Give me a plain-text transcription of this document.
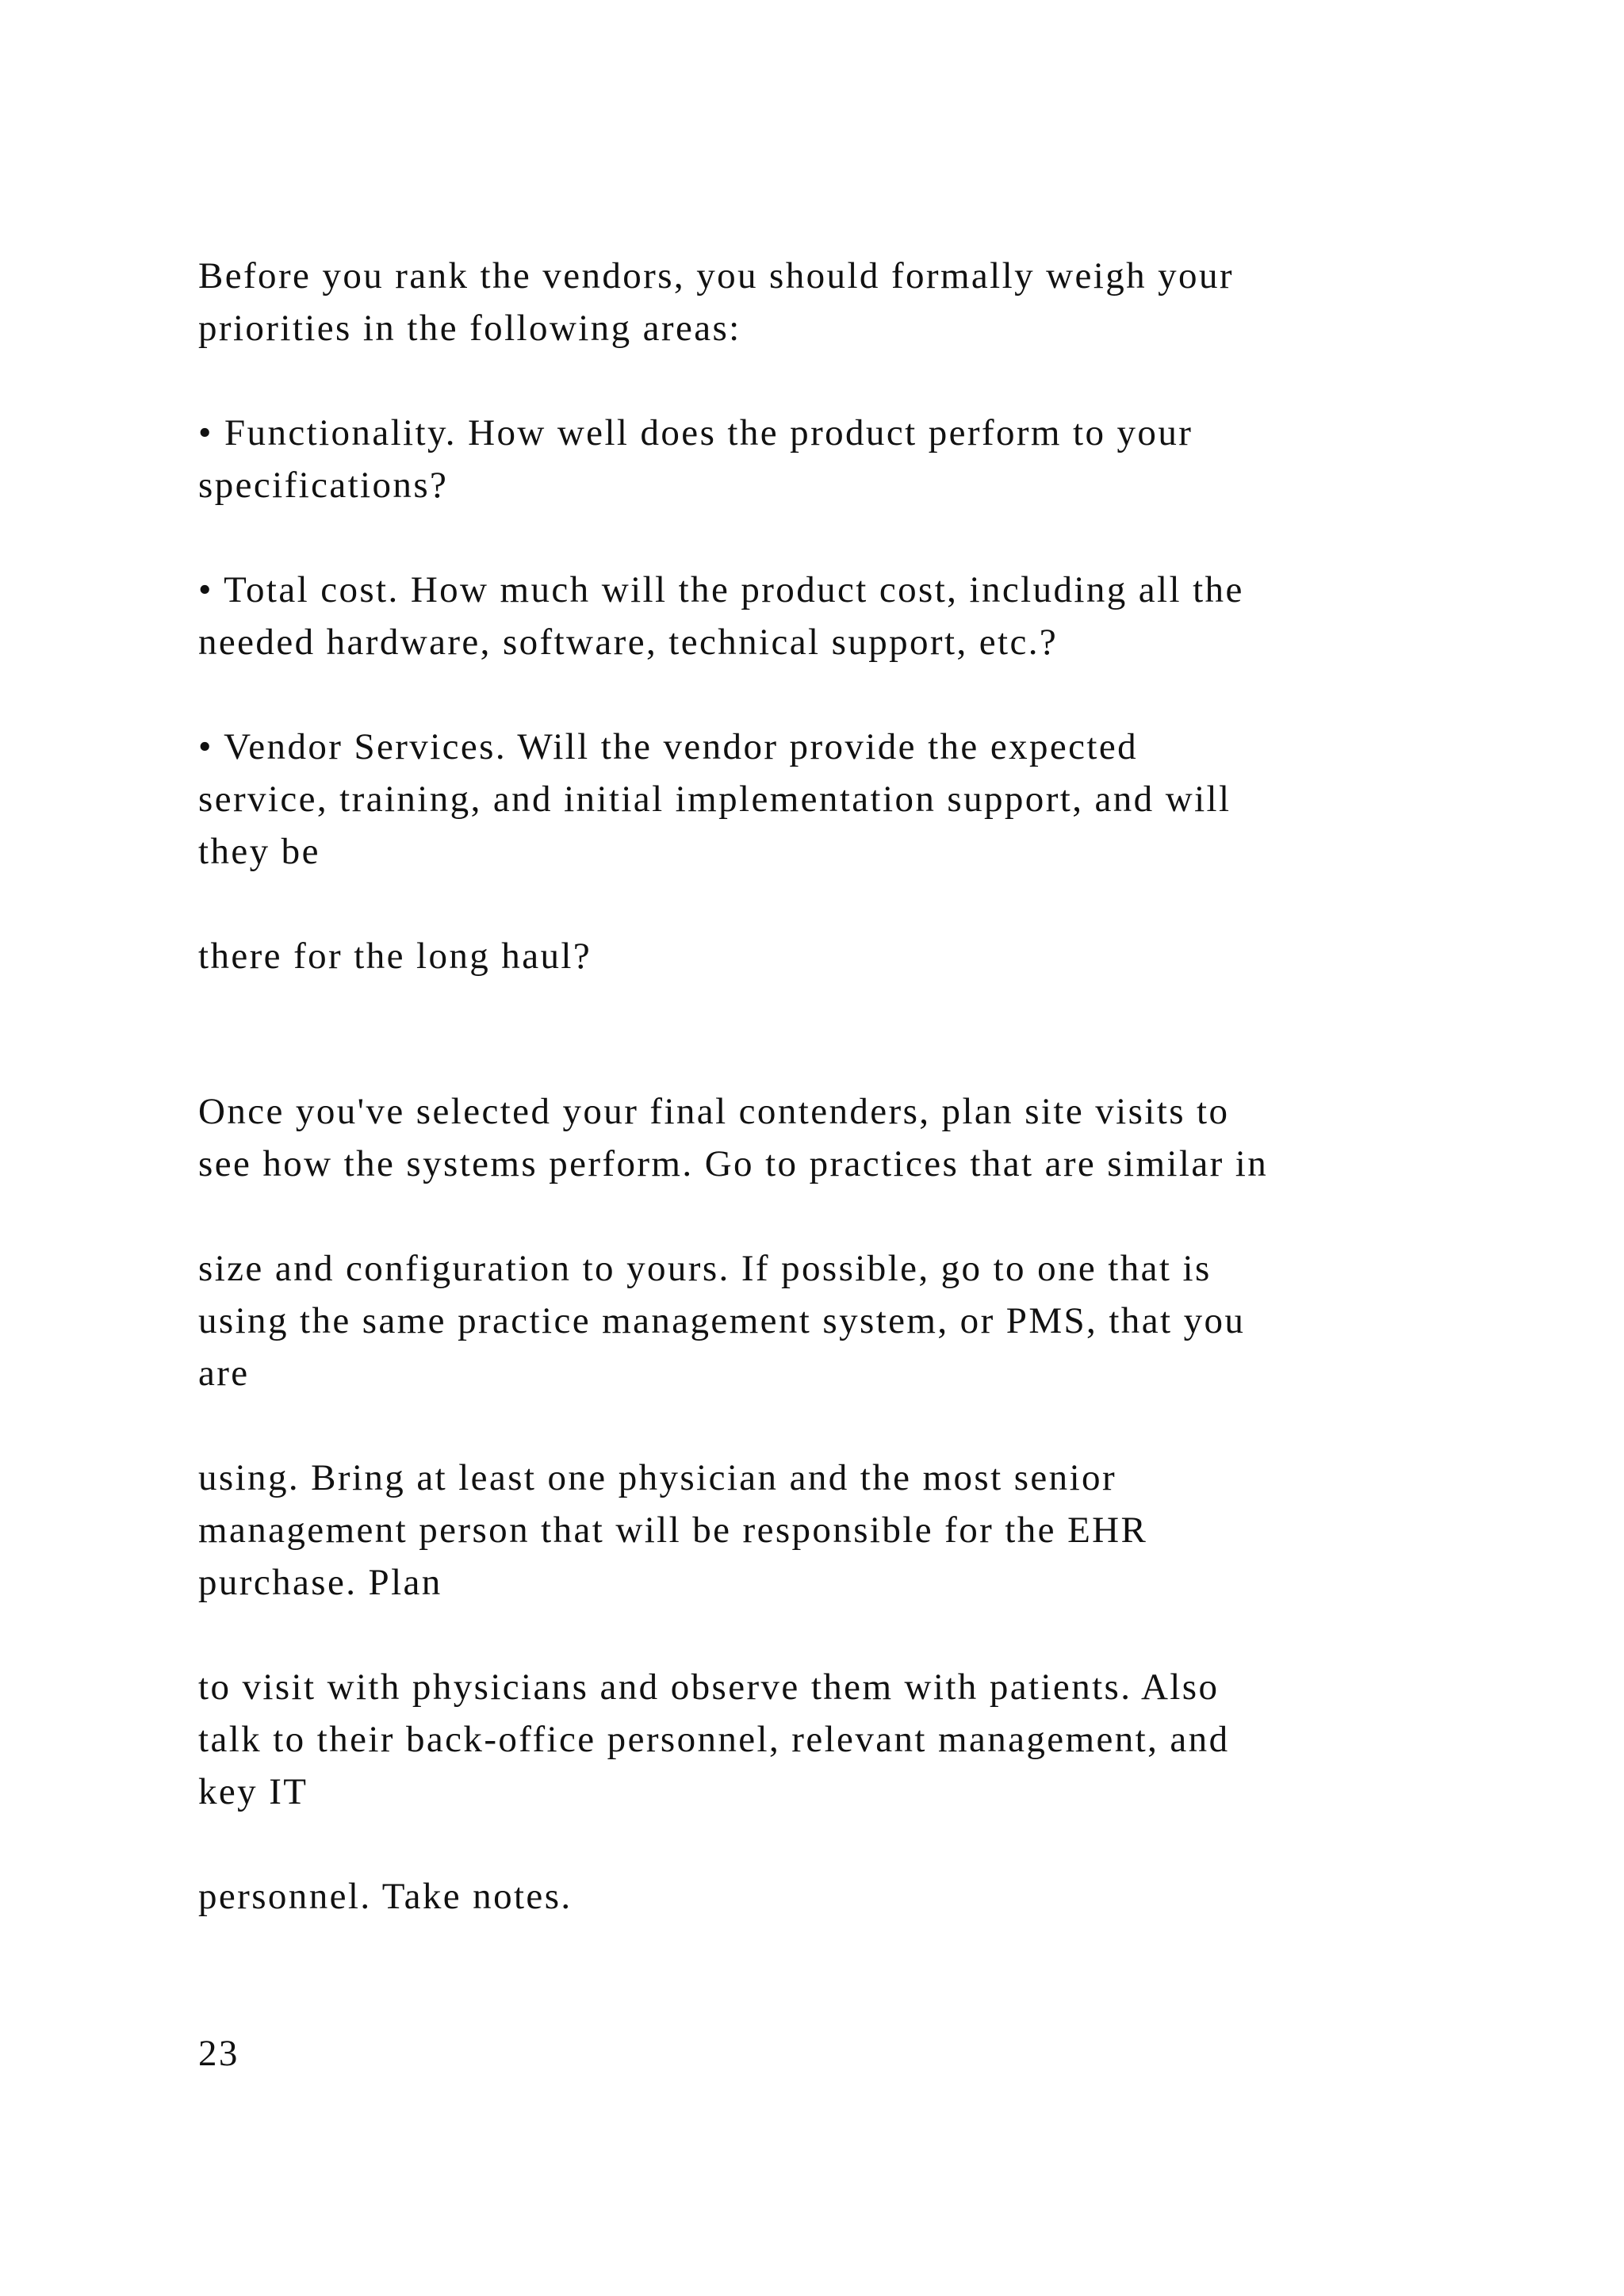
Before you rank the vendors, you should formally weigh your

priorities in the following areas:

• Functionality. How well does the product perform to your

specifications?

• Total cost. How much will the product cost, including all the

needed hardware, software, technical support, etc.?

• Vendor Services. Will the vendor provide the expected

service, training, and initial implementation support, and will

they be

there for the long haul?

Once you've selected your final contenders, plan site visits to

see how the systems perform. Go to practices that are similar in

size and configuration to yours. If possible, go to one that is

using the same practice management system, or PMS, that you

are

using. Bring at least one physician and the most senior

management person that will be responsible for the EHR

purchase. Plan

to visit with physicians and observe them with patients. Also

talk to their back-office personnel, relevant management, and

key IT

personnel. Take notes.

23
